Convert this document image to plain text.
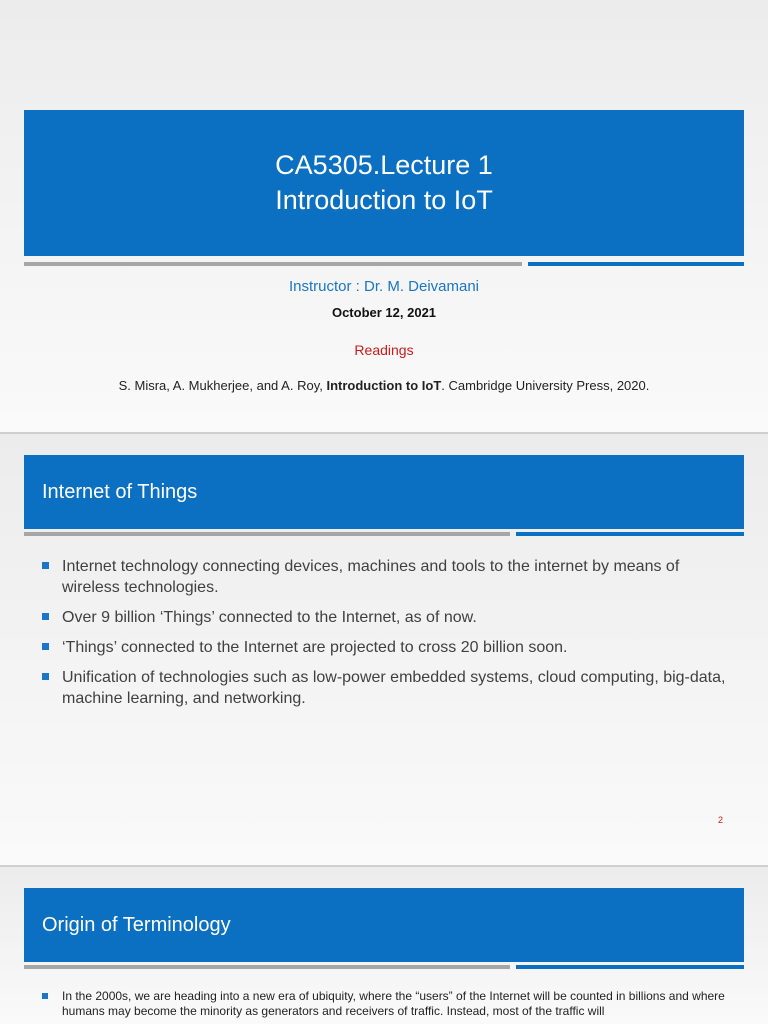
CA5305.Lecture 1
Introduction to IoT
Instructor : Dr. M. Deivamani
October 12, 2021
Readings
S. Misra, A. Mukherjee, and A. Roy, Introduction to IoT. Cambridge University Press, 2020.
Internet of Things
Internet technology connecting devices, machines and tools to the internet by means of wireless technologies.
Over 9 billion ‘Things’ connected to the Internet, as of now.
‘Things’ connected to the Internet are projected to cross 20 billion soon.
Unification of technologies such as low-power embedded systems, cloud computing, big-data, machine learning, and networking.
2
Origin of Terminology
In the 2000s, we are heading into a new era of ubiquity, where the “users” of the Internet will be counted in billions and where humans may become the minority as generators and receivers of traffic. Instead, most of the traffic will
